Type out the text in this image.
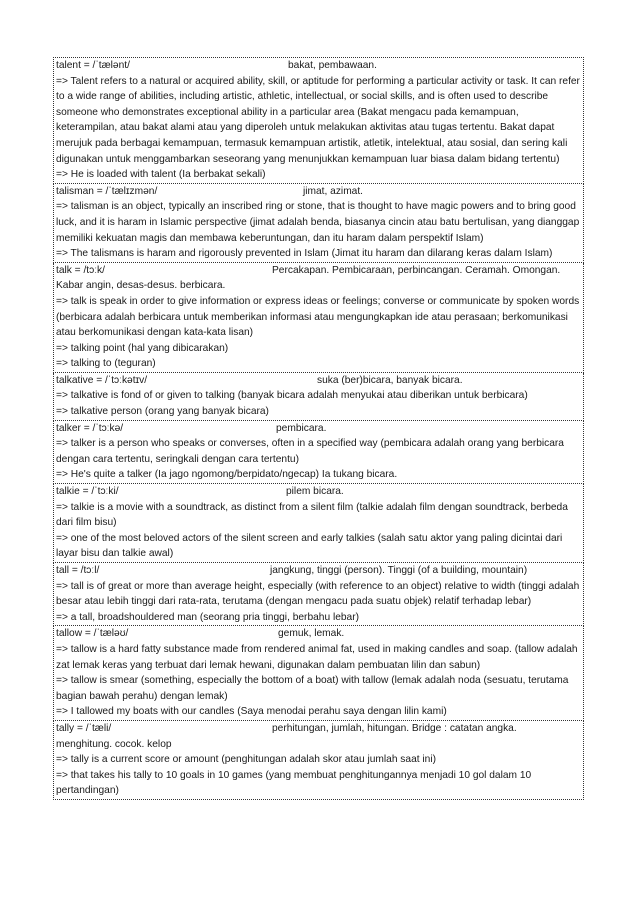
talent = /ˈtælənt/	bakat, pembawaan.
=> Talent refers to a natural or acquired ability, skill, or aptitude for performing a particular activity or task. It can refer to a wide range of abilities, including artistic, athletic, intellectual, or social skills, and is often used to describe someone who demonstrates exceptional ability in a particular area (Bakat mengacu pada kemampuan, keterampilan, atau bakat alami atau yang diperoleh untuk melakukan aktivitas atau tugas tertentu. Bakat dapat merujuk pada berbagai kemampuan, termasuk kemampuan artistik, atletik, intelektual, atau sosial, dan sering kali digunakan untuk menggambarkan seseorang yang menunjukkan kemampuan luar biasa dalam bidang tertentu)
=> He is loaded with talent (Ia berbakat sekali)
talisman = /ˈtælɪzmən/	jimat, azimat.
=> talisman is an object, typically an inscribed ring or stone, that is thought to have magic powers and to bring good luck, and it is haram in Islamic perspective (jimat adalah benda, biasanya cincin atau batu bertulisan, yang dianggap memiliki kekuatan magis dan membawa keberuntungan, dan itu haram dalam perspektif Islam)
=> The talismans is haram and rigorously prevented in Islam (Jimat itu haram dan dilarang keras dalam Islam)
talk = /tɔːk/	Percakapan. Pembicaraan, perbincangan. Ceramah. Omongan.
Kabar angin, desas-desus. berbicara.
=> talk is speak in order to give information or express ideas or feelings; converse or communicate by spoken words (berbicara adalah berbicara untuk memberikan informasi atau mengungkapkan ide atau perasaan; berkomunikasi atau berkomunikasi dengan kata-kata lisan)
=> talking point (hal yang dibicarakan)
=> talking to (teguran)
talkative = /ˈtɔːkətɪv/	suka (ber)bicara, banyak bicara.
=> talkative is fond of or given to talking (banyak bicara adalah menyukai atau diberikan untuk berbicara)
=> talkative person (orang yang banyak bicara)
talker = /ˈtɔːkə/	pembicara.
=> talker is a person who speaks or converses, often in a specified way (pembicara adalah orang yang berbicara dengan cara tertentu, seringkali dengan cara tertentu)
=> He's quite a talker (Ia jago ngomong/berpidato/ngecap) Ia tukang bicara.
talkie = /ˈtɔːki/	pilem bicara.
=> talkie is a movie with a soundtrack, as distinct from a silent film (talkie adalah film dengan soundtrack, berbeda dari film bisu)
=> one of the most beloved actors of the silent screen and early talkies (salah satu aktor yang paling dicintai dari layar bisu dan talkie awal)
tall = /tɔːl/	jangkung, tinggi (person). Tinggi (of a building, mountain)
=> tall is of great or more than average height, especially (with reference to an object) relative to width (tinggi adalah besar atau lebih tinggi dari rata-rata, terutama (dengan mengacu pada suatu objek) relatif terhadap lebar)
=> a tall, broadshouldered man (seorang pria tinggi, berbahu lebar)
tallow = /ˈtæləʊ/	gemuk, lemak.
=> tallow is a hard fatty substance made from rendered animal fat, used in making candles and soap. (tallow adalah zat lemak keras yang terbuat dari lemak hewani, digunakan dalam pembuatan lilin dan sabun)
=> tallow is smear (something, especially the bottom of a boat) with tallow (lemak adalah noda (sesuatu, terutama bagian bawah perahu) dengan lemak)
=> I tallowed my boats with our candles (Saya menodai perahu saya dengan lilin kami)
tally = /ˈtæli/	perhitungan, jumlah, hitungan. Bridge : catatan angka.
menghitung. cocok. kelop
=> tally is a current score or amount (penghitungan adalah skor atau jumlah saat ini)
=> that takes his tally to 10 goals in 10 games (yang membuat penghitungannya menjadi 10 gol dalam 10 pertandingan)
